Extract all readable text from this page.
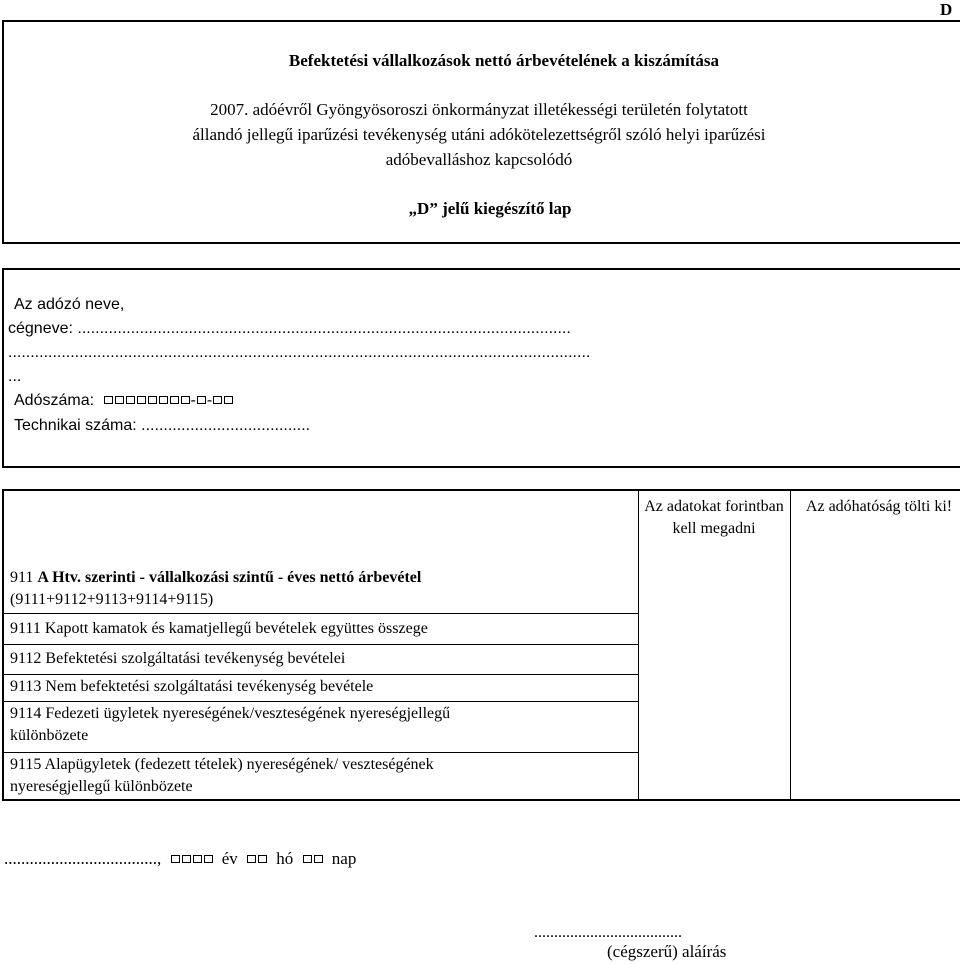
D
Befektetési vállalkozások nettó árbevételének a kiszámítása
2007. adóévről Gyöngyösoroszi önkormányzat illetékességi területén folytatott
állandó jellegű iparűzési tevékenység utáni adókötelezettségről szóló helyi iparűzési
adóbevalláshoz kapcsolódó
„D” jelű kiegészítő lap
Az adózó neve,
cégneve: ...............................................................................................................
...................................................................................................................................
...
Adószáma:	- -
Technikai száma: ......................................
Az adatokat forintban kell megadni
Az adóhatóság tölti ki!
911 A Htv. szerinti - vállalkozási szintű - éves nettó árbevétel
(9111+9112+9113+9114+9115)
9111 Kapott kamatok és kamatjellegű bevételek együttes összege
9112 Befektetési szolgáltatási tevékenység bevételei
9113 Nem befektetési szolgáltatási tevékenység bevétele
9114 Fedezeti ügyletek nyereségének/veszteségének nyereségjellegű
különbözete
9115 Alapügyletek (fedezett tételek) nyereségének/ veszteségének
nyereségjellegű különbözete
....................................,	év hó nap
.....................................
(cégszerű) aláírás
